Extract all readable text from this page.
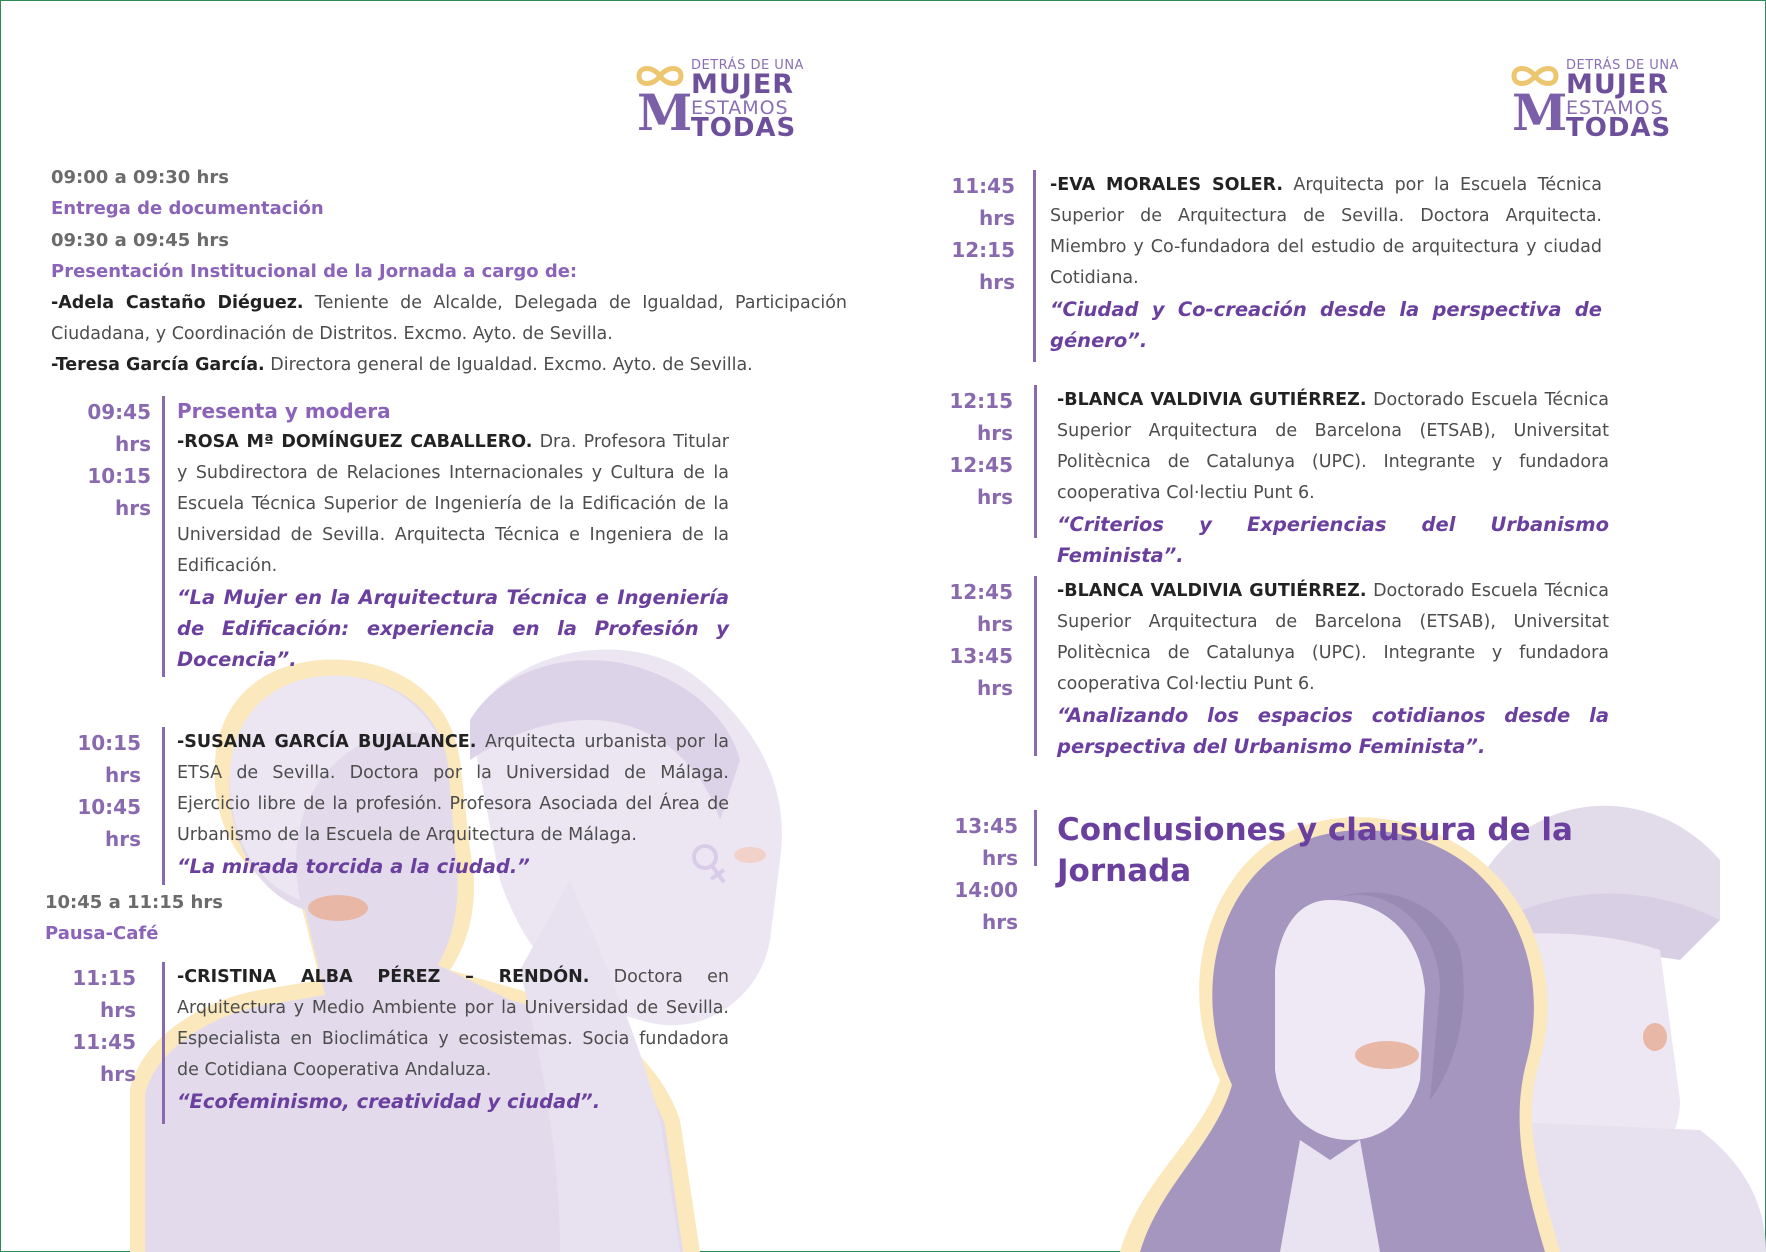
M
DETRÁS DE UNA
MUJER
ESTAMOS
TODAS	M
DETRÁS DE UNA
MUJER
ESTAMOS
TODAS
09:00 a 09:30 hrs
Entrega de documentación
09:30 a 09:45 hrs
Presentación Institucional de la Jornada a cargo de:
-Adela Castaño Diéguez. Teniente de Alcalde, Delegada de Igualdad, Participación Ciudadana, y Coordinación de Distritos. Excmo. Ayto. de Sevilla.
-Teresa García García. Directora general de Igualdad. Excmo. Ayto. de Sevilla.
09:45 hrs
10:15 hrs
Presenta y modera
-ROSA Mª DOMÍNGUEZ CABALLERO. Dra. Profesora Titular y Subdirectora de Relaciones Internacionales y Cultura de la Escuela Técnica Superior de Ingeniería de la Edificación de la Universidad de Sevilla. Arquitecta Técnica e Ingeniera de la Edificación.
“La Mujer en la Arquitectura Técnica e Ingeniería de Edificación: experiencia en la Profesión y Docencia”.
10:15 hrs
10:45 hrs
-SUSANA GARCÍA BUJALANCE. Arquitecta urbanista por la ETSA de Sevilla. Doctora por la Universidad de Málaga. Ejercicio libre de la profesión. Profesora Asociada del Área de Urbanismo de la Escuela de Arquitectura de Málaga.
“La mirada torcida a la ciudad.”
10:45 a 11:15 hrs
Pausa-Café
11:15 hrs
11:45 hrs
-CRISTINA ALBA PÉREZ – RENDÓN. Doctora en Arquitectura y Medio Ambiente por la Universidad de Sevilla. Especialista en Bioclimática y ecosistemas. Socia fundadora de Cotidiana Cooperativa Andaluza.
“Ecofeminismo, creatividad y ciudad”.
11:45 hrs
12:15 hrs
-EVA MORALES SOLER. Arquitecta por la Escuela Técnica Superior de Arquitectura de Sevilla. Doctora Arquitecta. Miembro y Co-fundadora del estudio de arquitectura y ciudad Cotidiana.
“Ciudad y Co-creación desde la perspectiva de género”.
12:15 hrs
12:45 hrs
-BLANCA VALDIVIA GUTIÉRREZ. Doctorado Escuela Técnica Superior Arquitectura de Barcelona (ETSAB), Universitat Politècnica de Catalunya (UPC). Integrante y fundadora cooperativa Col·lectiu Punt 6.
“Criterios y Experiencias del Urbanismo Feminista”.
12:45 hrs
13:45 hrs
-BLANCA VALDIVIA GUTIÉRREZ. Doctorado Escuela Técnica Superior Arquitectura de Barcelona (ETSAB), Universitat Politècnica de Catalunya (UPC). Integrante y fundadora cooperativa Col·lectiu Punt 6.
“Analizando los espacios cotidianos desde la perspectiva del Urbanismo Feminista”.
13:45 hrs
14:00 hrs
Conclusiones y clausura de la Jornada
